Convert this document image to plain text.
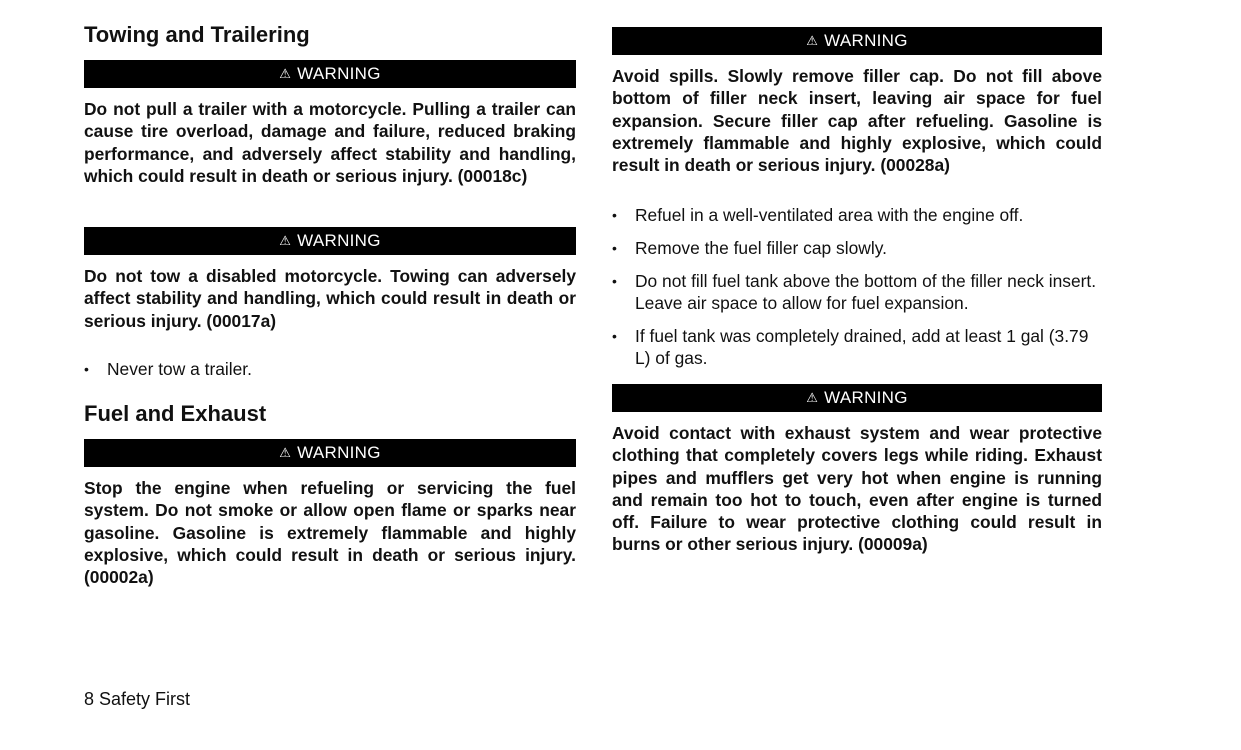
Towing and Trailering
⚠ WARNING
Do not pull a trailer with a motorcycle. Pulling a trailer can cause tire overload, damage and failure, reduced braking performance, and adversely affect stability and handling, which could result in death or serious injury. (00018c)
⚠ WARNING
Do not tow a disabled motorcycle. Towing can adversely affect stability and handling, which could result in death or serious injury. (00017a)
• Never tow a trailer.
Fuel and Exhaust
⚠ WARNING
Stop the engine when refueling or servicing the fuel system. Do not smoke or allow open flame or sparks near gasoline. Gasoline is extremely flammable and highly explosive, which could result in death or serious injury. (00002a)
⚠ WARNING
Avoid spills. Slowly remove filler cap. Do not fill above bottom of filler neck insert, leaving air space for fuel expansion. Secure filler cap after refueling. Gasoline is extremely flammable and highly explosive, which could result in death or serious injury. (00028a)
• Refuel in a well-ventilated area with the engine off.
• Remove the fuel filler cap slowly.
• Do not fill fuel tank above the bottom of the filler neck insert. Leave air space to allow for fuel expansion.
• If fuel tank was completely drained, add at least 1 gal (3.79 L) of gas.
⚠ WARNING
Avoid contact with exhaust system and wear protective clothing that completely covers legs while riding. Exhaust pipes and mufflers get very hot when engine is running and remain too hot to touch, even after engine is turned off. Failure to wear protective clothing could result in burns or other serious injury. (00009a)
8 Safety First
